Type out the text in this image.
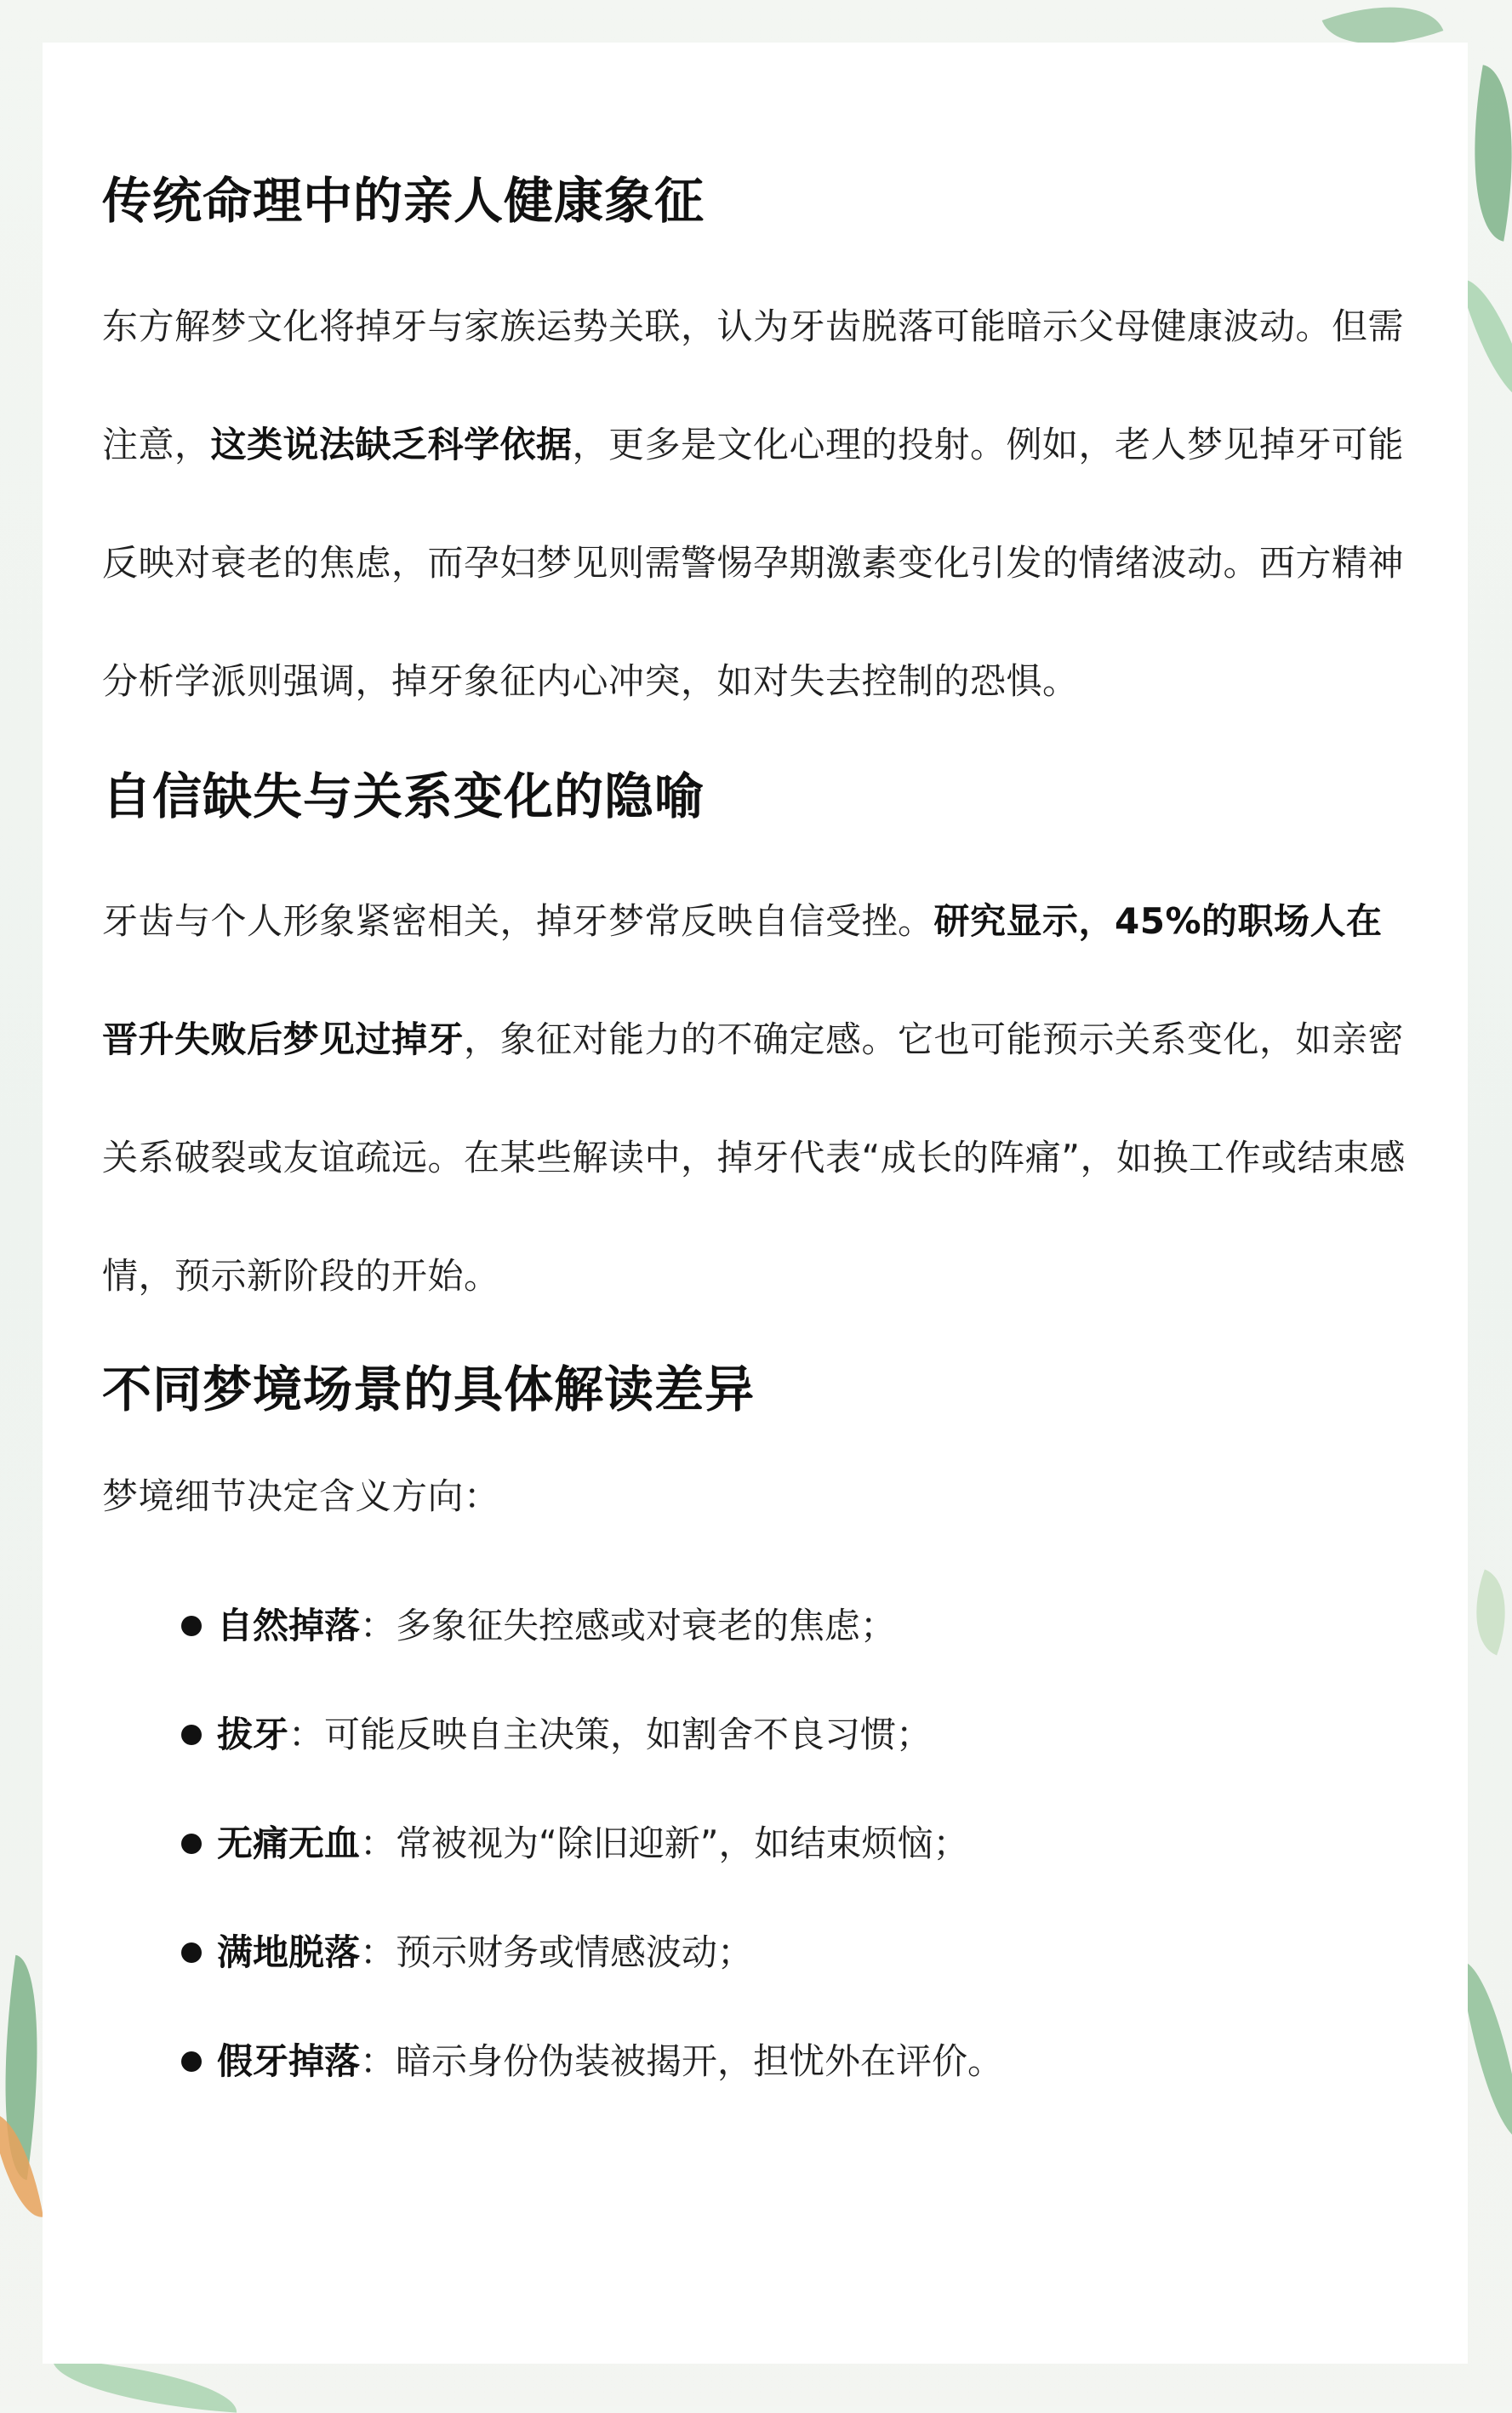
传统命理中的亲人健康象征

东方解梦文化将掉牙与家族运势关联，认为牙齿脱落可能暗示父母健康波动。但需注意，这类说法缺乏科学依据，更多是文化心理的投射。例如，老人梦见掉牙可能反映对衰老的焦虑，而孕妇梦见则需警惕孕期激素变化引发的情绪波动。西方精神分析学派则强调，掉牙象征内心冲突，如对失去控制的恐惧。

自信缺失与关系变化的隐喻

牙齿与个人形象紧密相关，掉牙梦常反映自信受挫。研究显示，45%的职场人在晋升失败后梦见过掉牙，象征对能力的不确定感。它也可能预示关系变化，如亲密关系破裂或友谊疏远。在某些解读中，掉牙代表“成长的阵痛”，如换工作或结束感情，预示新阶段的开始。

不同梦境场景的具体解读差异

梦境细节决定含义方向：

自然掉落：多象征失控感或对衰老的焦虑；
拔牙：可能反映自主决策，如割舍不良习惯；
无痛无血：常被视为“除旧迎新”，如结束烦恼；
满地脱落：预示财务或情感波动；
假牙掉落：暗示身份伪装被揭开，担忧外在评价。
